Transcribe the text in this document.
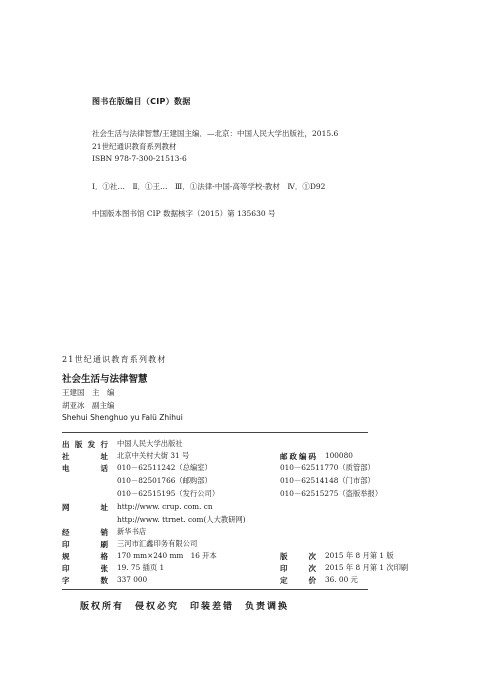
图书在版编目（CIP）数据
社会生活与法律智慧/王建国主编．—北京：中国人民大学出版社，2015.6
21世纪通识教育系列教材
ISBN 978-7-300-21513-6
Ⅰ．①社…　Ⅱ．①王…　Ⅲ．①法律-中国-高等学校-教材　Ⅳ．①D92
中国版本图书馆 CIP 数据核字（2015）第 135630 号
21世纪通识教育系列教材
社会生活与法律智慧
王建国　主　编
胡亚冰　副主编
Shehui Shenghuo yu Falü Zhihui
出版发行 中国人民大学出版社
社　　址 北京中关村大街 31 号	邮政编码 100080
电　　话 010－62511242（总编室）	010－62511770（质管部）
010－82501766（邮购部）	010－62514148（门市部）
010－62515195（发行公司）	010－62515275（盗版举报）
网　　址 http://www. crup. com. cn
http://www. ttrnet. com(人大教研网)
经　　销 新华书店
印　　刷 三河市汇鑫印务有限公司
规　　格 170 mm×240 mm　16 开本	版　　次 2015 年 8 月第 1 版
印　　张 19. 75 插页 1	印　　次 2015 年 8 月第 1 次印刷
字　　数 337 000	定　　价 36. 00 元
版权所有　侵权必究　印装差错　负责调换
